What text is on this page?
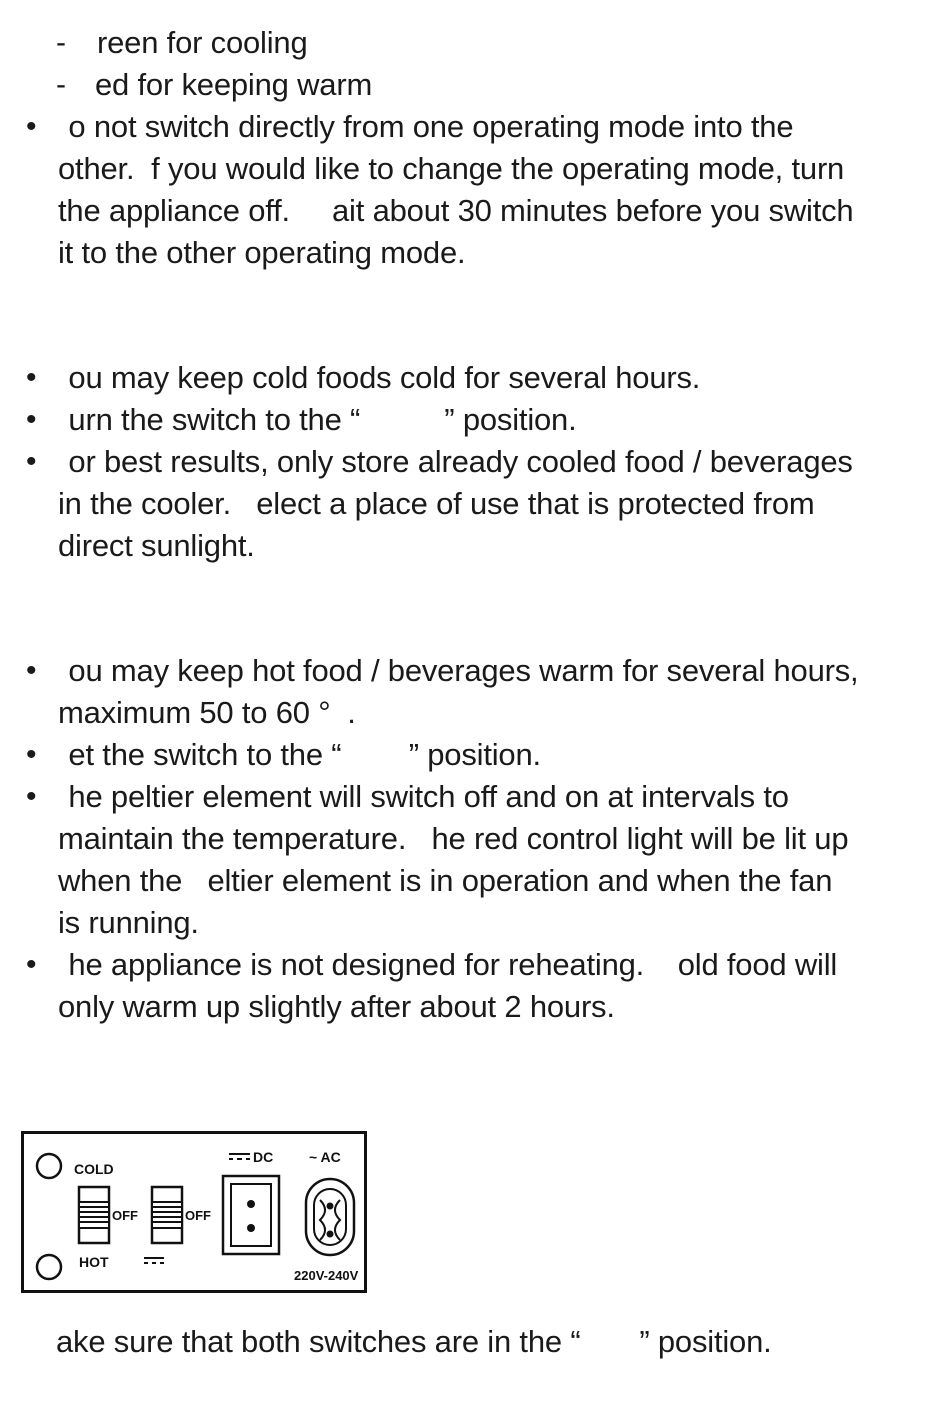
- reen for cooling
- ed for keeping warm
• o not switch directly from one operating mode into the
other.  f you would like to change the operating mode, turn
the appliance off.     ait about 30 minutes before you switch
it to the other operating mode.
• ou may keep cold foods cold for several hours.
• urn the switch to the “          ” position.
• or best results, only store already cooled food / beverages
in the cooler.   elect a place of use that is protected from
direct sunlight.
• ou may keep hot food / beverages warm for several hours,
maximum 50 to 60 °  .
• et the switch to the “        ” position.
• he peltier element will switch off and on at intervals to
maintain the temperature.   he red control light will be lit up
when the   eltier element is in operation and when the fan
is running.
• he appliance is not designed for reheating.    old food will
only warm up slightly after about 2 hours.
ake sure that both switches are in the “       ” position.
COLD
HOT
OFF	OFF
DC	~ AC
220V-240V
